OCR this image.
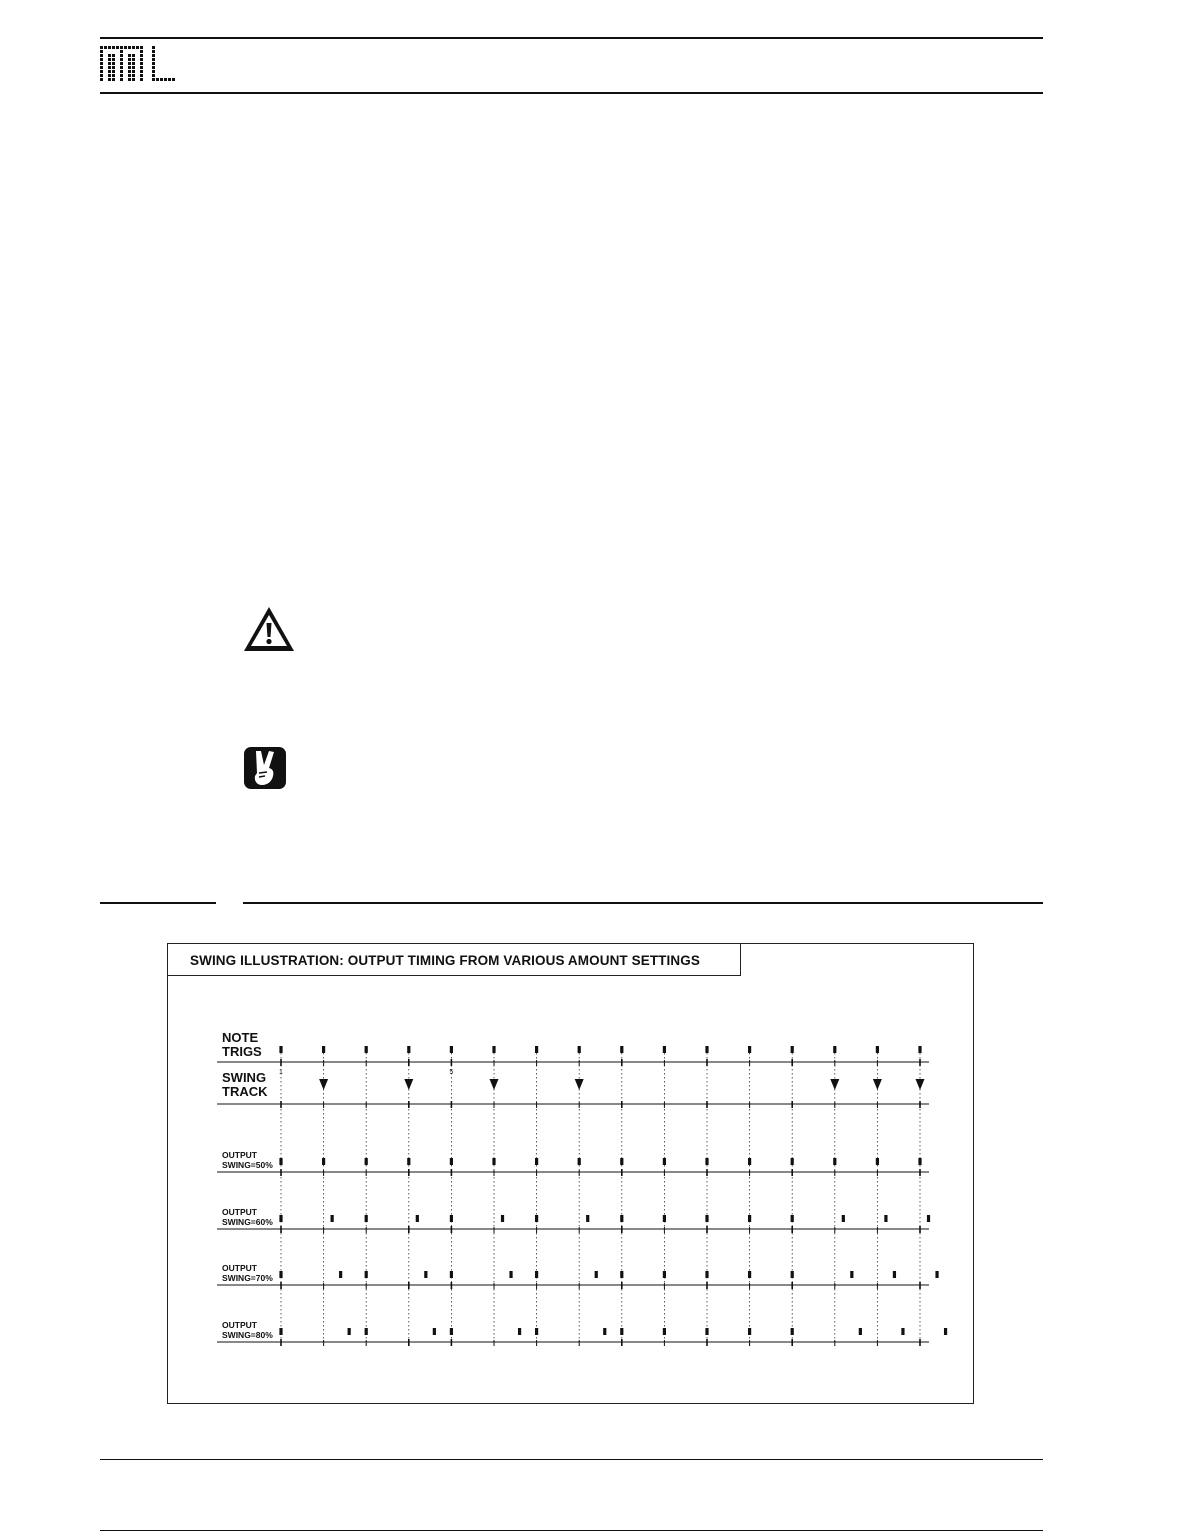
SWING ILLUSTRATION: OUTPUT TIMING FROM VARIOUS AMOUNT SETTINGS
NOTE
TRIGS
SWING
TRACK
1	5
OUTPUT
SWING=50%
OUTPUT
SWING=60%
OUTPUT
SWING=70%
OUTPUT
SWING=80%
